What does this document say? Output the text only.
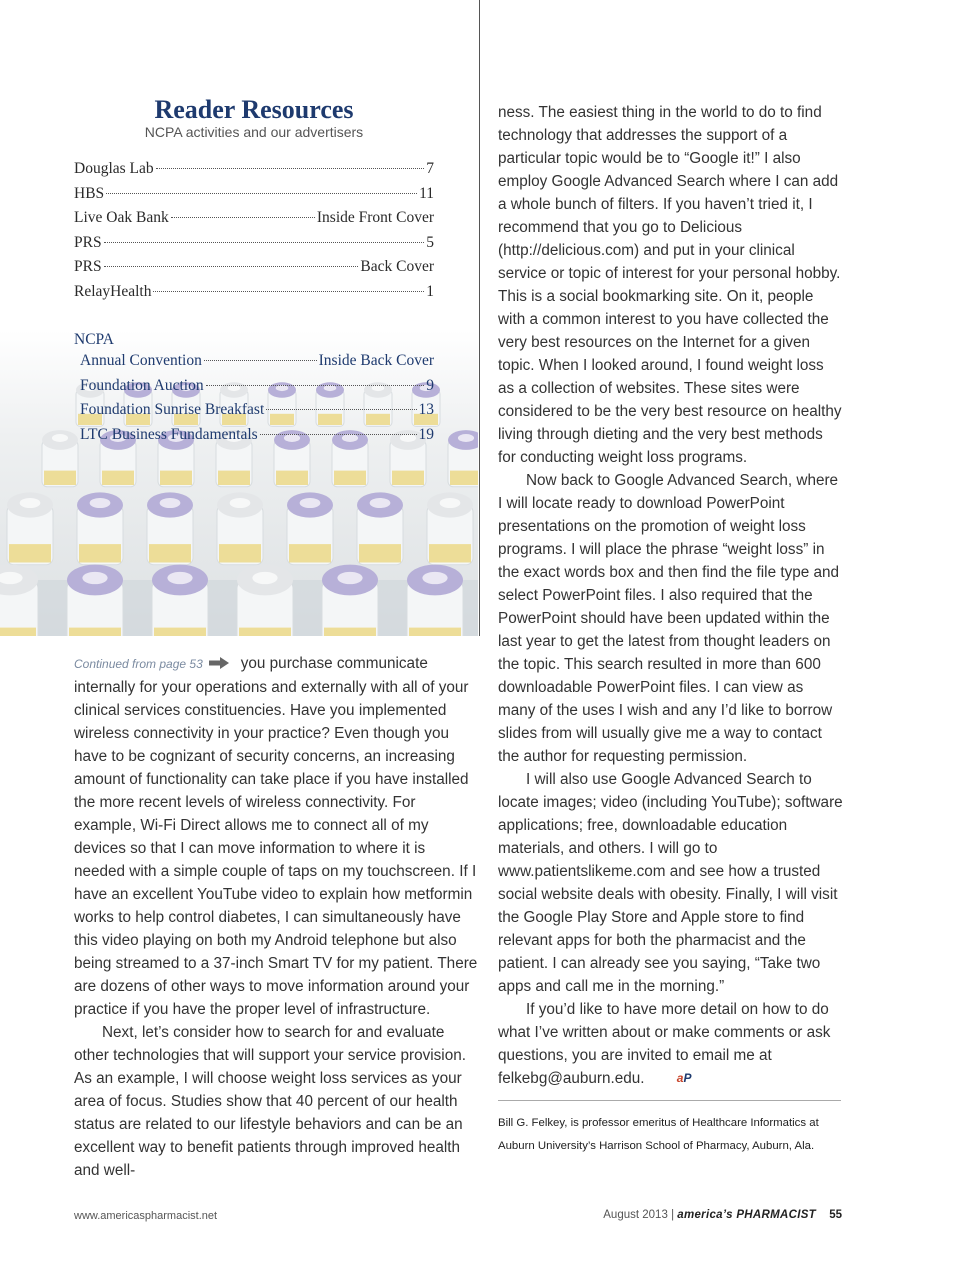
Reader Resources
NCPA activities and our advertisers
Douglas Lab	7
HBS	11
Live Oak Bank	Inside Front Cover
PRS	5
PRS	Back Cover
RelayHealth	1
NCPA
Annual Convention	Inside Back Cover
Foundation Auction	9
Foundation Sunrise Breakfast	13
LTC Business Fundamentals	19

Continued from page 53 you purchase communicate internally for your operations and externally with all of your clinical services constituencies. Have you implemented wireless connectivity in your practice? Even though you have to be cognizant of security concerns, an increasing amount of functionality can take place if you have installed the more recent levels of wireless connectivity. For example, Wi-Fi Direct allows me to connect all of my devices so that I can move information to where it is needed with a simple couple of taps on my touchscreen. If I have an excellent YouTube video to explain how metformin works to help control diabetes, I can simultaneously have this video playing on both my Android telephone but also being streamed to a 37-inch Smart TV for my patient. There are dozens of other ways to move information around your practice if you have the proper level of infrastructure.

Next, let’s consider how to search for and evaluate other technologies that will support your service provision. As an example, I will choose weight loss services as your area of focus. Studies show that 40 percent of our health status are related to our lifestyle behaviors and can be an excellent way to benefit patients through improved health and well-

ness. The easiest thing in the world to do to find technology that addresses the support of a particular topic would be to “Google it!” I also employ Google Advanced Search where I can add a whole bunch of filters. If you haven’t tried it, I recommend that you go to Delicious (http://delicious.com) and put in your clinical service or topic of interest for your personal hobby. This is a social bookmarking site. On it, people with a common interest to you have collected the very best resources on the Internet for a given topic. When I looked around, I found weight loss as a collection of websites. These sites were considered to be the very best resource on healthy living through dieting and the very best methods for conducting weight loss programs.

Now back to Google Advanced Search, where I will locate ready to download PowerPoint presentations on the promotion of weight loss programs. I will place the phrase “weight loss” in the exact words box and then find the file type and select PowerPoint files. I also required that the PowerPoint should have been updated within the last year to get the latest from thought leaders on the topic. This search resulted in more than 600 downloadable PowerPoint files. I can view as many of the uses I wish and any I’d like to borrow slides from will usually give me a way to contact the author for requesting permission.

I will also use Google Advanced Search to locate images; video (including YouTube); software applications; free, downloadable education materials, and others. I will go to www.patientslikeme.com and see how a trusted social website deals with obesity. Finally, I will visit the Google Play Store and Apple store to find relevant apps for both the pharmacist and the patient. I can already see you saying, “Take two apps and call me in the morning.”

If you’d like to have more detail on how to do what I’ve written about or make comments or ask questions, you are invited to email me at felkebg@auburn.edu.	aP

Bill G. Felkey, is professor emeritus of Healthcare Informatics at Auburn University’s Harrison School of Pharmacy, Auburn, Ala.
www.americaspharmacist.net	August 2013 | america’s PHARMACIST 55
